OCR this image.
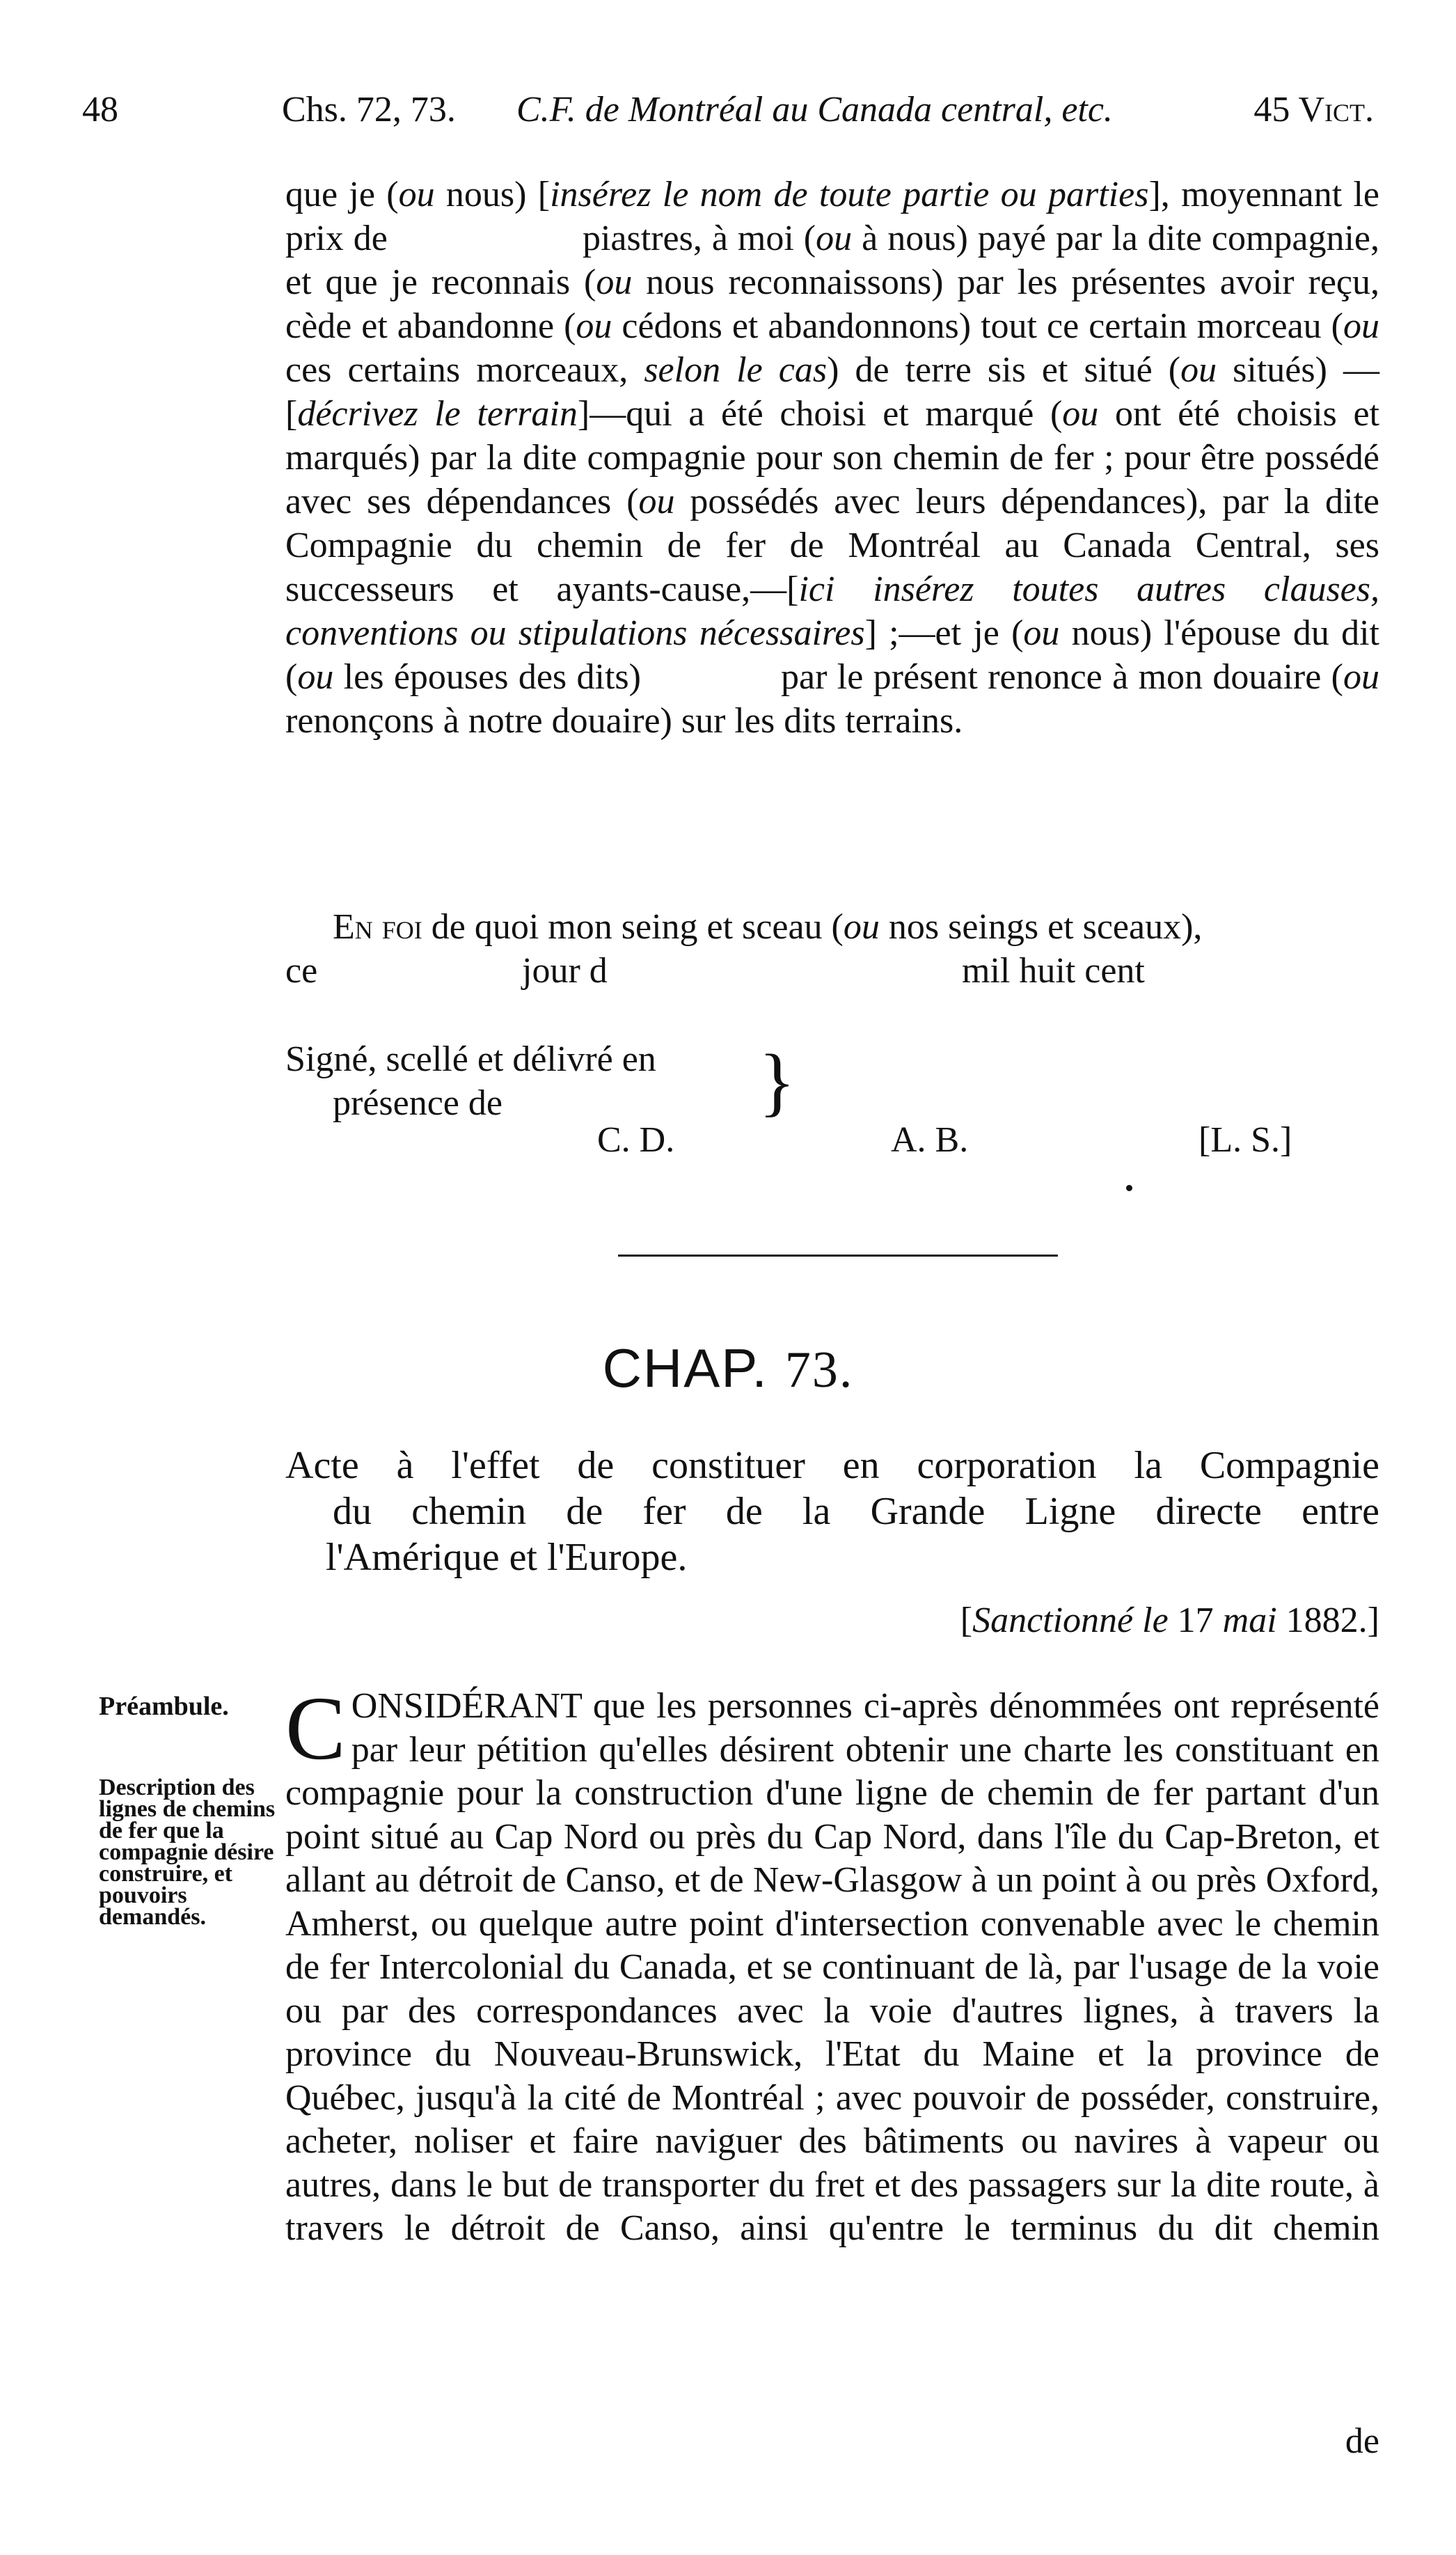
48	Chs. 72, 73. C.F. de Montréal au Canada central, etc.	45 Vict.

que je (ou nous) [insérez le nom de toute partie ou parties], moyennant le prix de                    piastres, à moi (ou à nous) payé par la dite compagnie, et que je reconnais (ou nous reconnaissons) par les présentes avoir reçu, cède et abandonne (ou cédons et abandonnons) tout ce certain morceau (ou ces certains morceaux, selon le cas) de terre sis et situé (ou situés) —[décrivez le terrain]—qui a été choisi et marqué (ou ont été choisis et marqués) par la dite compagnie pour son chemin de fer ; pour être possédé avec ses dépendances (ou possédés avec leurs dépendances), par la dite Compagnie du chemin de fer de Montréal au Canada Central, ses successeurs et ayants-cause,—[ici insérez toutes autres clauses, conventions ou stipulations nécessaires] ;—et je (ou nous) l'épouse du dit (ou les épouses des dits)              par le présent renonce à mon douaire (ou renonçons à notre douaire) sur les dits terrains.

En foi de quoi mon seing et sceau (ou nos seings et sceaux),
ce	jour d	mil huit cent
Signé, scellé et délivré en
présence de	}
C. D.	A. B.	[L. S.]
CHAP. 73.
Acte à l'effet de constituer en corporation la Compagnie
du chemin de fer de la Grande Ligne directe entre
l'Amérique et l'Europe.
[Sanctionné le 17 mai 1882.]
Préambule.
Description des lignes de chemins de fer que la compagnie désire construire, et pouvoirs demandés.

CONSIDÉRANT que les personnes ci-après dénommées ont représenté par leur pétition qu'elles désirent obtenir une charte les constituant en compagnie pour la construction d'une ligne de chemin de fer partant d'un point situé au Cap Nord ou près du Cap Nord, dans l'île du Cap-Breton, et allant au détroit de Canso, et de New-Glasgow à un point à ou près Oxford, Amherst, ou quelque autre point d'intersection convenable avec le chemin de fer Intercolonial du Canada, et se continuant de là, par l'usage de la voie ou par des correspondances avec la voie d'autres lignes, à travers la province du Nouveau-Brunswick, l'Etat du Maine et la province de Québec, jusqu'à la cité de Montréal ; avec pouvoir de posséder, construire, acheter, noliser et faire naviguer des bâtiments ou navires à vapeur ou autres, dans le but de transporter du fret et des passagers sur la dite route, à travers le détroit de Canso, ainsi qu'entre le terminus du dit chemin

de
